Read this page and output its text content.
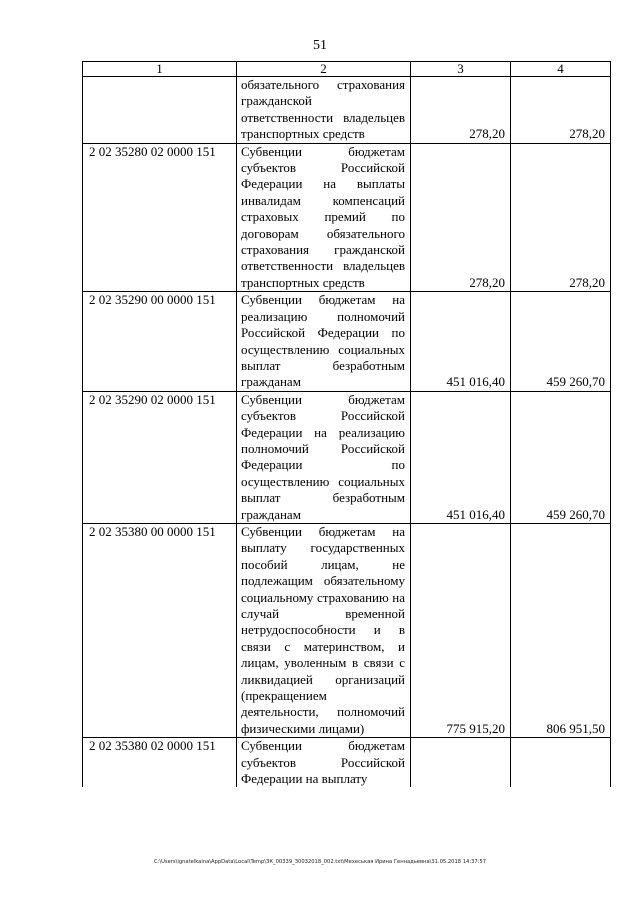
51
1	2	3	4

	обязательного страхования гражданской ответственности владельцев транспортных средств	278,20	278,20
2 02 35280 02 0000 151	Субвенции бюджетам субъектов Российской Федерации на выплаты инвалидам компенсаций страховых премий по договорам обязательного страхования гражданской ответственности владельцев транспортных средств	278,20	278,20
2 02 35290 00 0000 151	Субвенции бюджетам на реализацию полномочий Российской Федерации по осуществлению социальных выплат безработным гражданам	451 016,40	459 260,70
2 02 35290 02 0000 151	Субвенции бюджетам субъектов Российской Федерации на реализацию полномочий Российской Федерации по осуществлению социальных выплат безработным гражданам	451 016,40	459 260,70
2 02 35380 00 0000 151	Субвенции бюджетам на выплату государственных пособий лицам, не подлежащим обязательному социальному страхованию на случай временной нетрудоспособности и в связи с материнством, и лицам, уволенным в связи с ликвидацией организаций (прекращением деятельности, полномочий физическими лицами)	775 915,20	806 951,50
2 02 35380 02 0000 151	Субвенции бюджетам субъектов Российской Федерации на выплату		

C:\Users\ignatelkaina\AppData\Local\Temp\ЗК_00339_30032018_002.txt\Мехеськая Ирина Геннадьевна\31.05.2018 14:37:57
